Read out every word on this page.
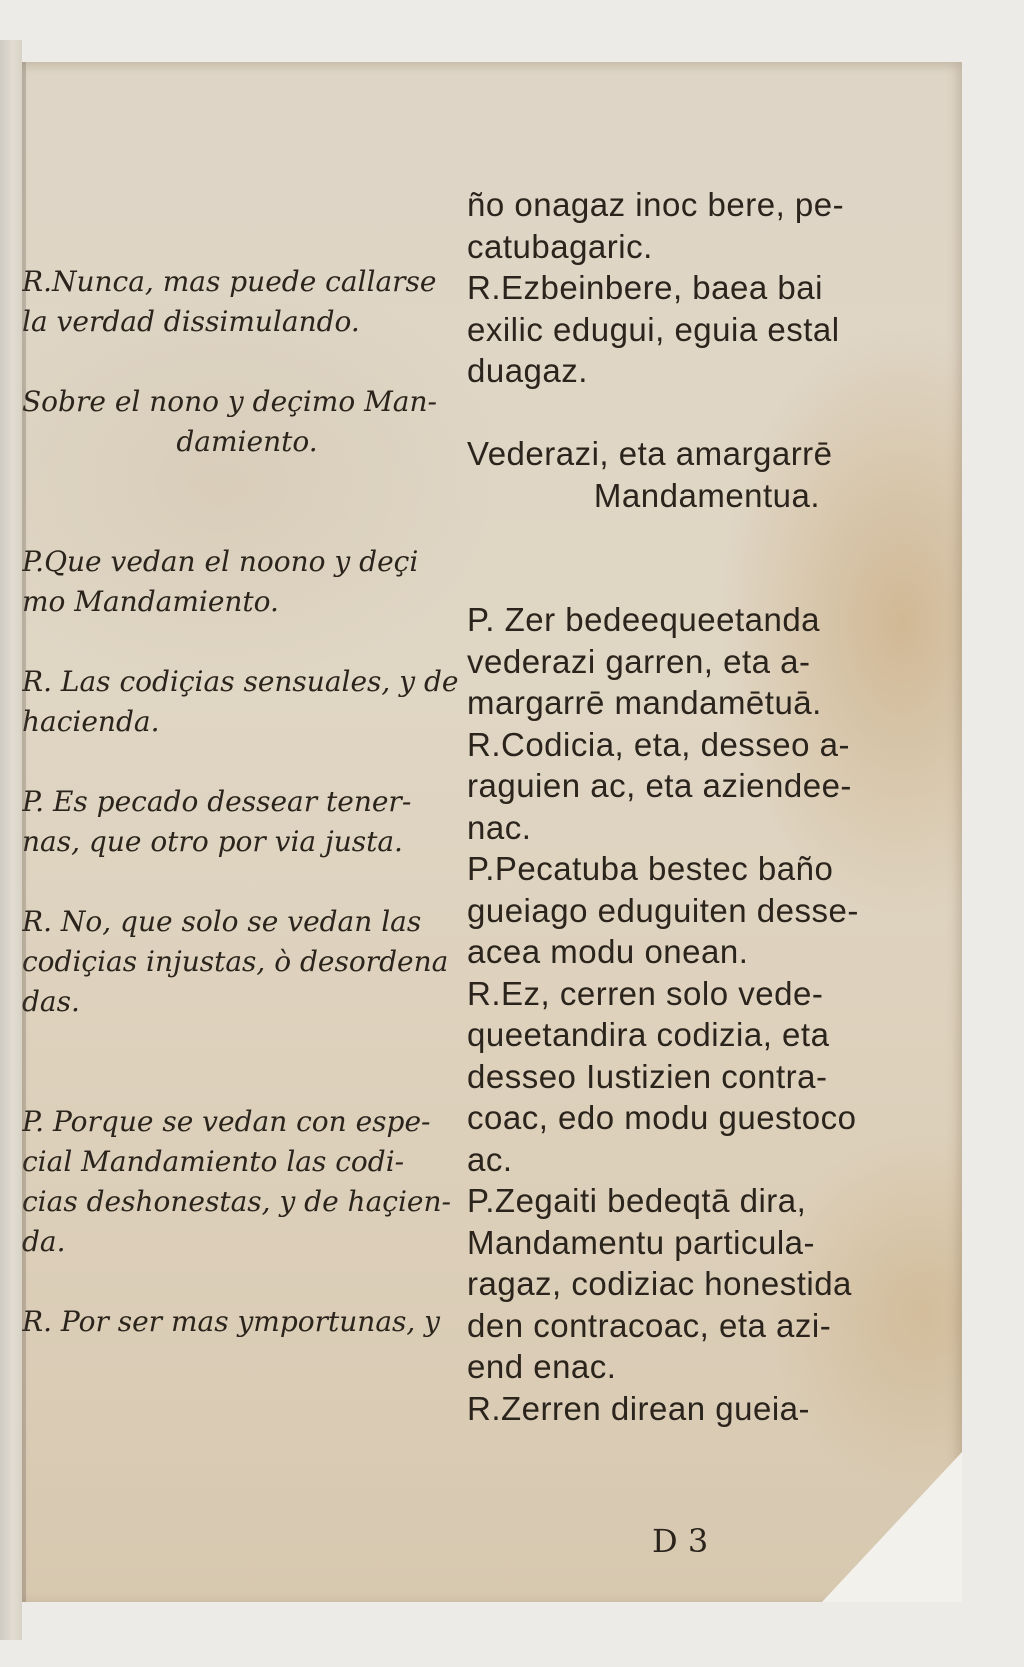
R.Nunca, mas puede callarse
la verdad dissimulando.
Sobre el nono y deçimo Man-
damiento.
P.Que vedan el noono y deçi
mo Mandamiento.
R. Las codiçias sensuales, y de
hacienda.
P. Es pecado dessear tener-
nas, que otro por via justa.
R. No, que solo se vedan las
codiçias injustas, ò desordena
das.
P. Porque se vedan con espe-
cial Mandamiento las codi-
cias deshonestas, y de haçien-
da.
R. Por ser mas ymportunas, y
ño onagaz inoc bere, pe-
catubagaric.
R.Ezbeinbere, baea bai
exilic edugui, eguia estal
duagaz.
Vederazi, eta amargarrē
Mandamentua.
P. Zer bedeequeetanda
vederazi garren, eta a-
margarrē mandamētuā.
R.Codicia, eta, desseo a-
raguien ac, eta aziendee-
nac.
P.Pecatuba bestec baño
gueiago eduguiten desse-
acea modu onean.
R.Ez, cerren solo vede-
queetandira codizia, eta
desseo Iustizien contra-
coac, edo modu guestoco
ac.
P.Zegaiti bedeqtā dira,
Mandamentu particula-
ragaz, codiziac honestida
den contracoac, eta azi-
end enac.
R.Zerren direan gueia-
D 3	go
